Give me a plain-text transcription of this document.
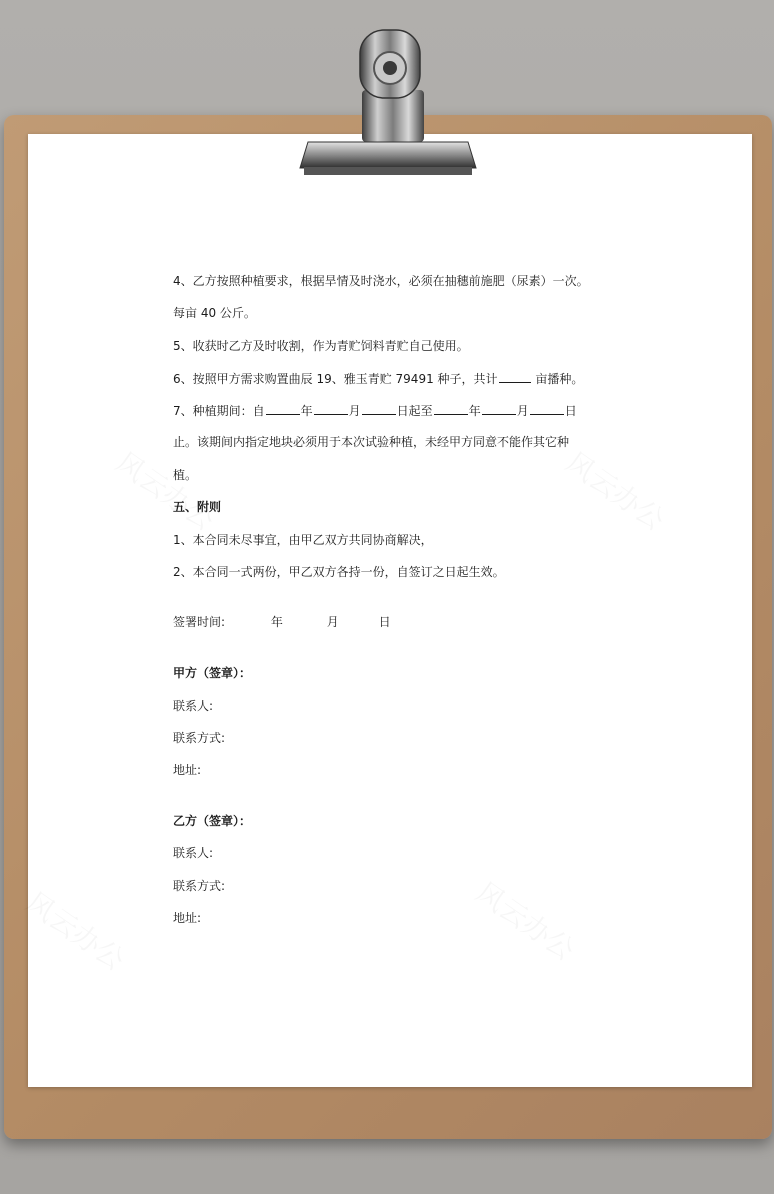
4、乙方按照种植要求，根据旱情及时浇水，必须在抽穗前施肥（尿素）一次。
每亩 40 公斤。
5、收获时乙方及时收割，作为青贮饲料青贮自己使用。
6、按照甲方需求购置曲辰 19、雅玉青贮 79491 种子，共计	亩播种。
7、种植期间：自	年	月	日起至	年	月	日
止。该期间内指定地块必须用于本次试验种植，未经甲方同意不能作其它种
植。
五、附则
1、本合同未尽事宜，由甲乙双方共同协商解决，
2、本合同一式两份，甲乙双方各持一份，自签订之日起生效。
签署时间:	年	月	日
甲方（签章）：
联系人:
联系方式:
地址:
乙方（签章）：
联系人:
联系方式:
地址:
